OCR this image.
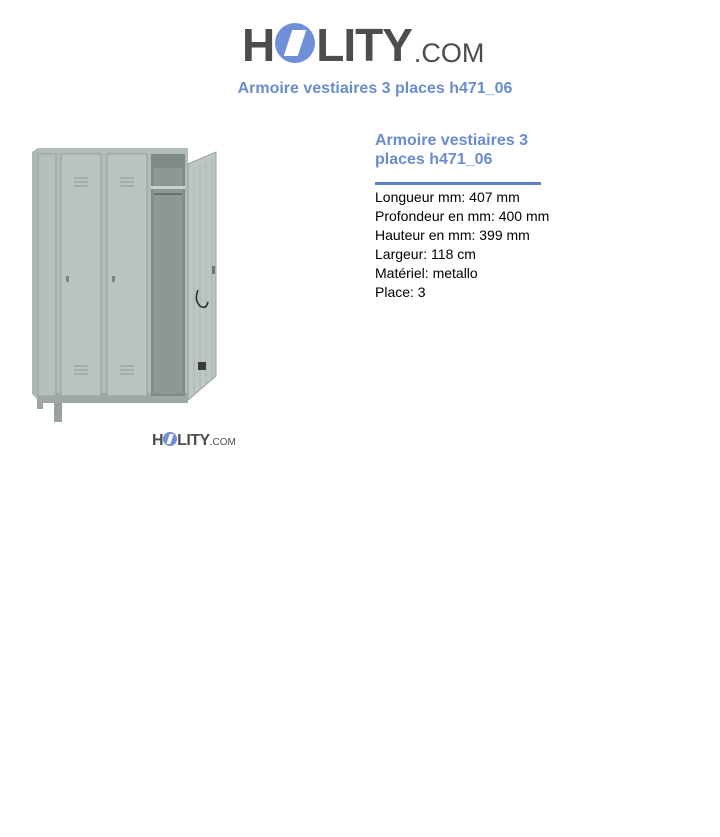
H LITY .COM
Armoire vestiaires 3 places h471_06
H LITY .COM
Armoire vestiaires 3 places h471_06
Longueur mm: 407 mm
Profondeur en mm: 400 mm
Hauteur en mm: 399 mm
Largeur: 118 cm
Matériel: metallo
Place: 3
